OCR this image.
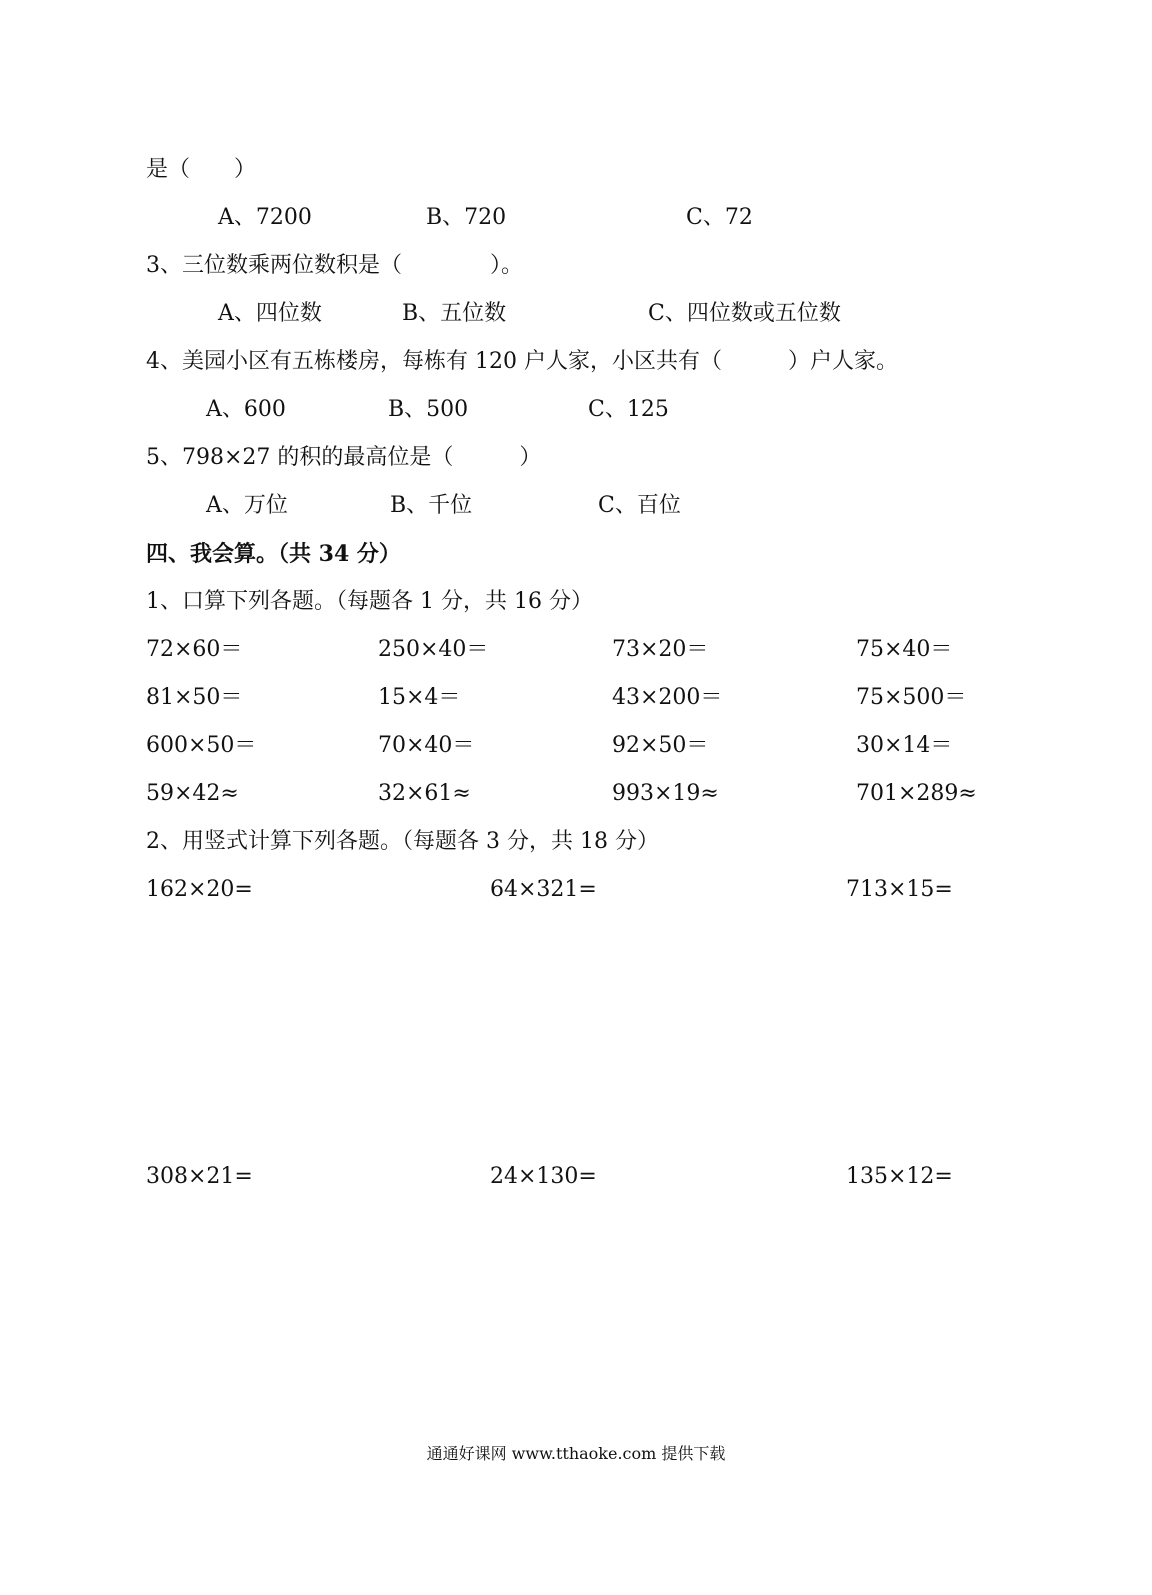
是（　　）
A、7200	B、720	C、72
3、三位数乘两位数积是（　　　　）。
A、四位数	B、五位数	C、四位数或五位数
4、美园小区有五栋楼房，每栋有 120 户人家，小区共有（　　　）户人家。
A、600	B、500	C、125
5、798×27 的积的最高位是（　　　）
A、万位	B、千位	C、百位
四、我会算。（共 34 分）
1、口算下列各题。（每题各 1 分，共 16 分）
72×60＝	250×40＝	73×20＝	75×40＝
81×50＝	15×4＝	43×200＝	75×500＝
600×50＝	70×40＝	92×50＝	30×14＝
59×42≈	32×61≈	993×19≈	701×289≈
2、用竖式计算下列各题。（每题各 3 分，共 18 分）
162×20=	64×321=	713×15=
308×21=	24×130=	135×12=
通通好课网 www.tthaoke.com 提供下载
